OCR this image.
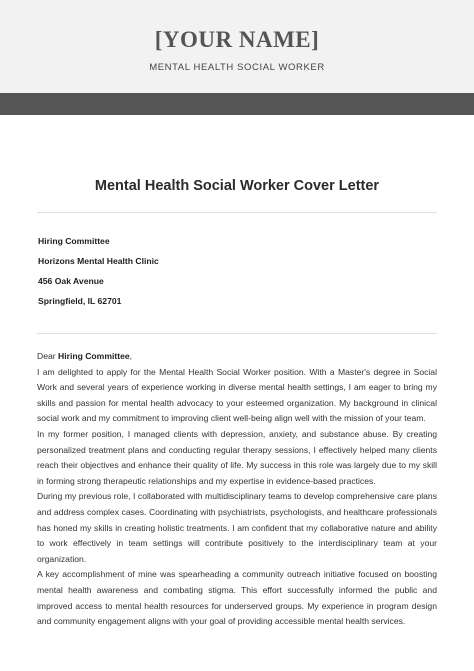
[YOUR NAME]
MENTAL HEALTH SOCIAL WORKER
Mental Health Social Worker Cover Letter
Hiring Committee
Horizons Mental Health Clinic
456 Oak Avenue
Springfield, IL 62701

Dear Hiring Committee,

I am delighted to apply for the Mental Health Social Worker position. With a Master's degree in Social Work and several years of experience working in diverse mental health settings, I am eager to bring my skills and passion for mental health advocacy to your esteemed organization. My background in clinical social work and my commitment to improving client well-being align well with the mission of your team.

In my former position, I managed clients with depression, anxiety, and substance abuse. By creating personalized treatment plans and conducting regular therapy sessions, I effectively helped many clients reach their objectives and enhance their quality of life. My success in this role was largely due to my skill in forming strong therapeutic relationships and my expertise in evidence-based practices.

During my previous role, I collaborated with multidisciplinary teams to develop comprehensive care plans and address complex cases. Coordinating with psychiatrists, psychologists, and healthcare professionals has honed my skills in creating holistic treatments. I am confident that my collaborative nature and ability to work effectively in team settings will contribute positively to the interdisciplinary team at your organization.

A key accomplishment of mine was spearheading a community outreach initiative focused on boosting mental health awareness and combating stigma. This effort successfully informed the public and improved access to mental health resources for underserved groups. My experience in program design and community engagement aligns with your goal of providing accessible mental health services.
